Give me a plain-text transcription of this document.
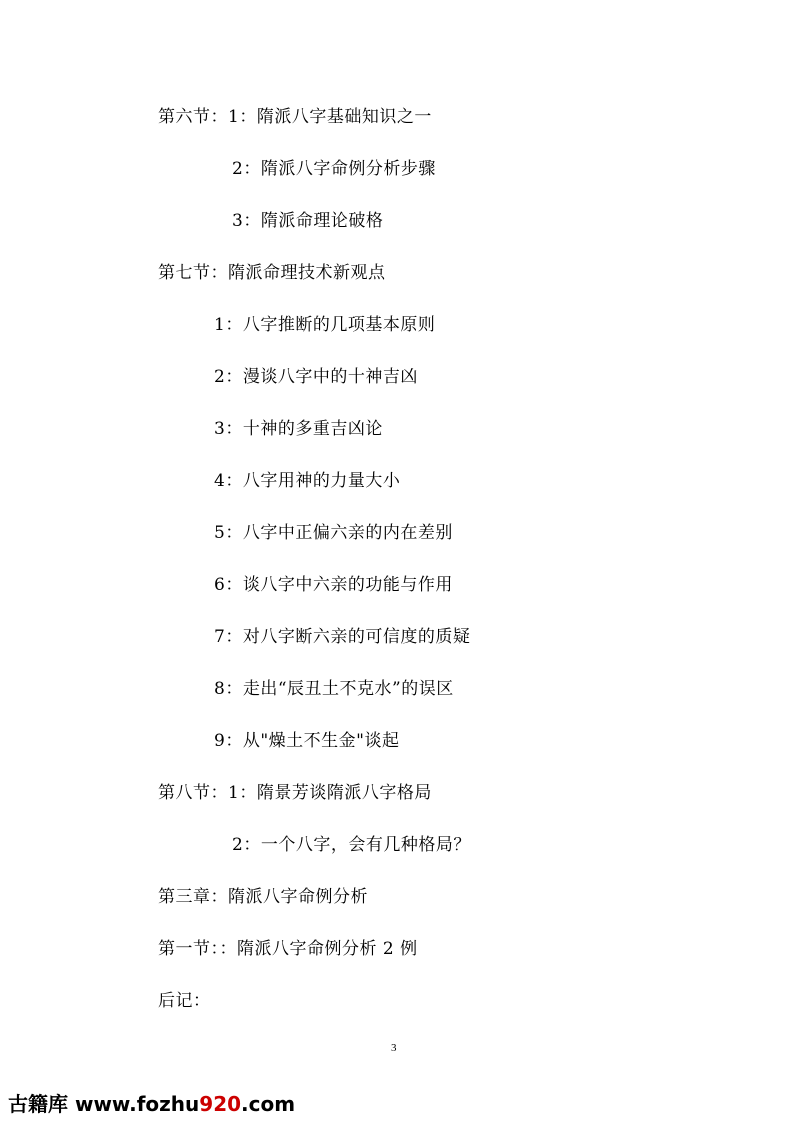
第六节：1：隋派八字基础知识之一
2：隋派八字命例分析步骤
3：隋派命理论破格
第七节：隋派命理技术新观点
1：八字推断的几项基本原则
2：漫谈八字中的十神吉凶
3：十神的多重吉凶论
4：八字用神的力量大小
5：八字中正偏六亲的内在差别
6：谈八字中六亲的功能与作用
7：对八字断六亲的可信度的质疑
8：走出“辰丑土不克水”的误区
9：从"燥土不生金"谈起
第八节：1：隋景芳谈隋派八字格局
2：一个八字，会有几种格局？
第三章：隋派八字命例分析
第一节：：隋派八字命例分析 2 例
后记：
3
古籍库 www.fozhu920.com
